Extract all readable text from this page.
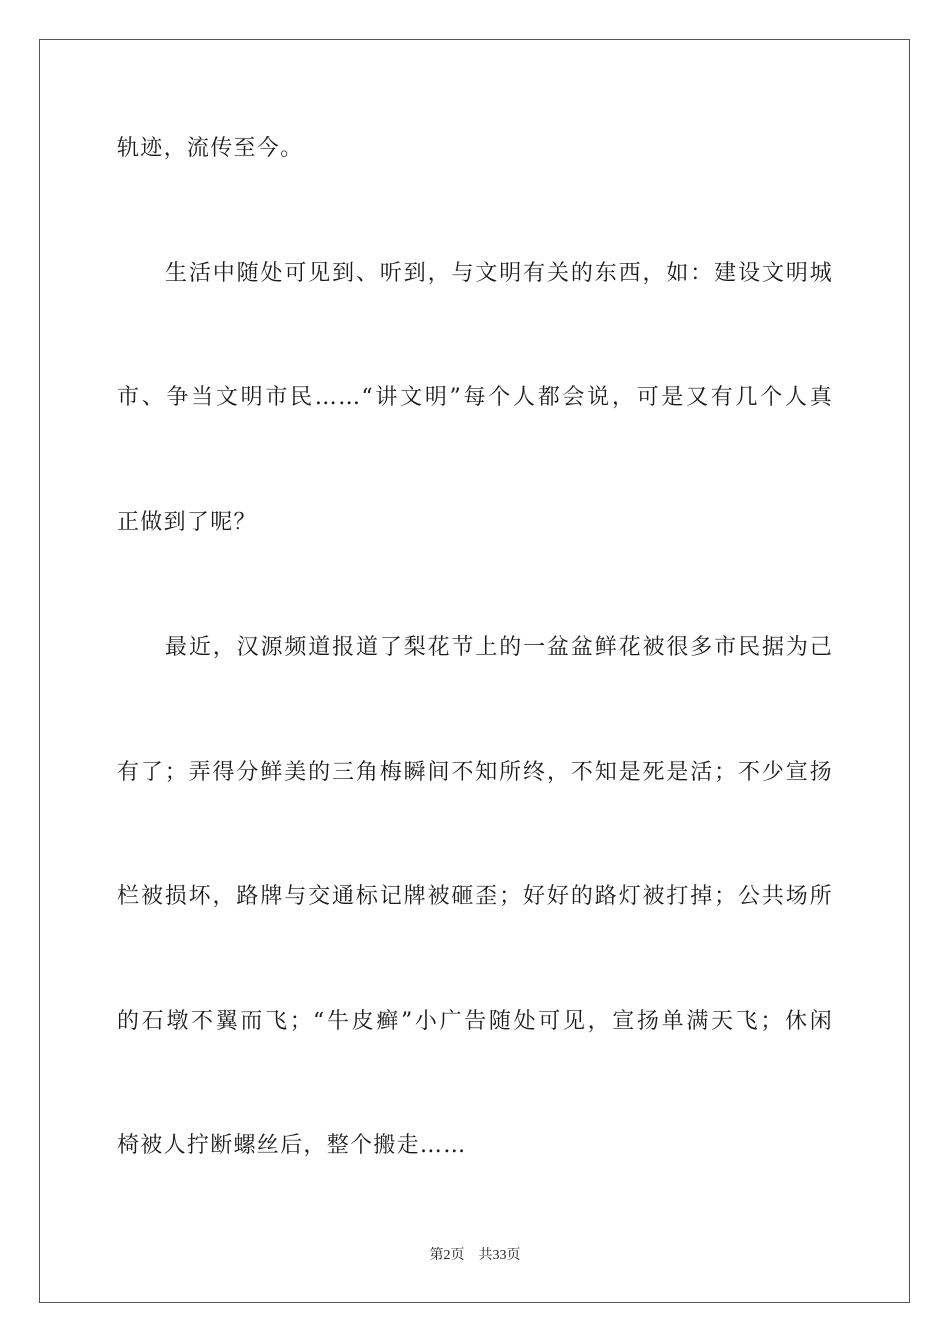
轨迹，流传至今。
生活中随处可见到、听到，与文明有关的东西，如：建设文明城
市、争当文明市民……“讲文明”每个人都会说，可是又有几个人真
正做到了呢？
最近，汉源频道报道了梨花节上的一盆盆鲜花被很多市民据为己
有了；弄得分鲜美的三角梅瞬间不知所终，不知是死是活；不少宣扬
栏被损坏，路牌与交通标记牌被砸歪；好好的路灯被打掉；公共场所
的石墩不翼而飞；“牛皮癣”小广告随处可见，宣扬单满天飞；休闲
椅被人拧断螺丝后，整个搬走……
第2页 共33页
